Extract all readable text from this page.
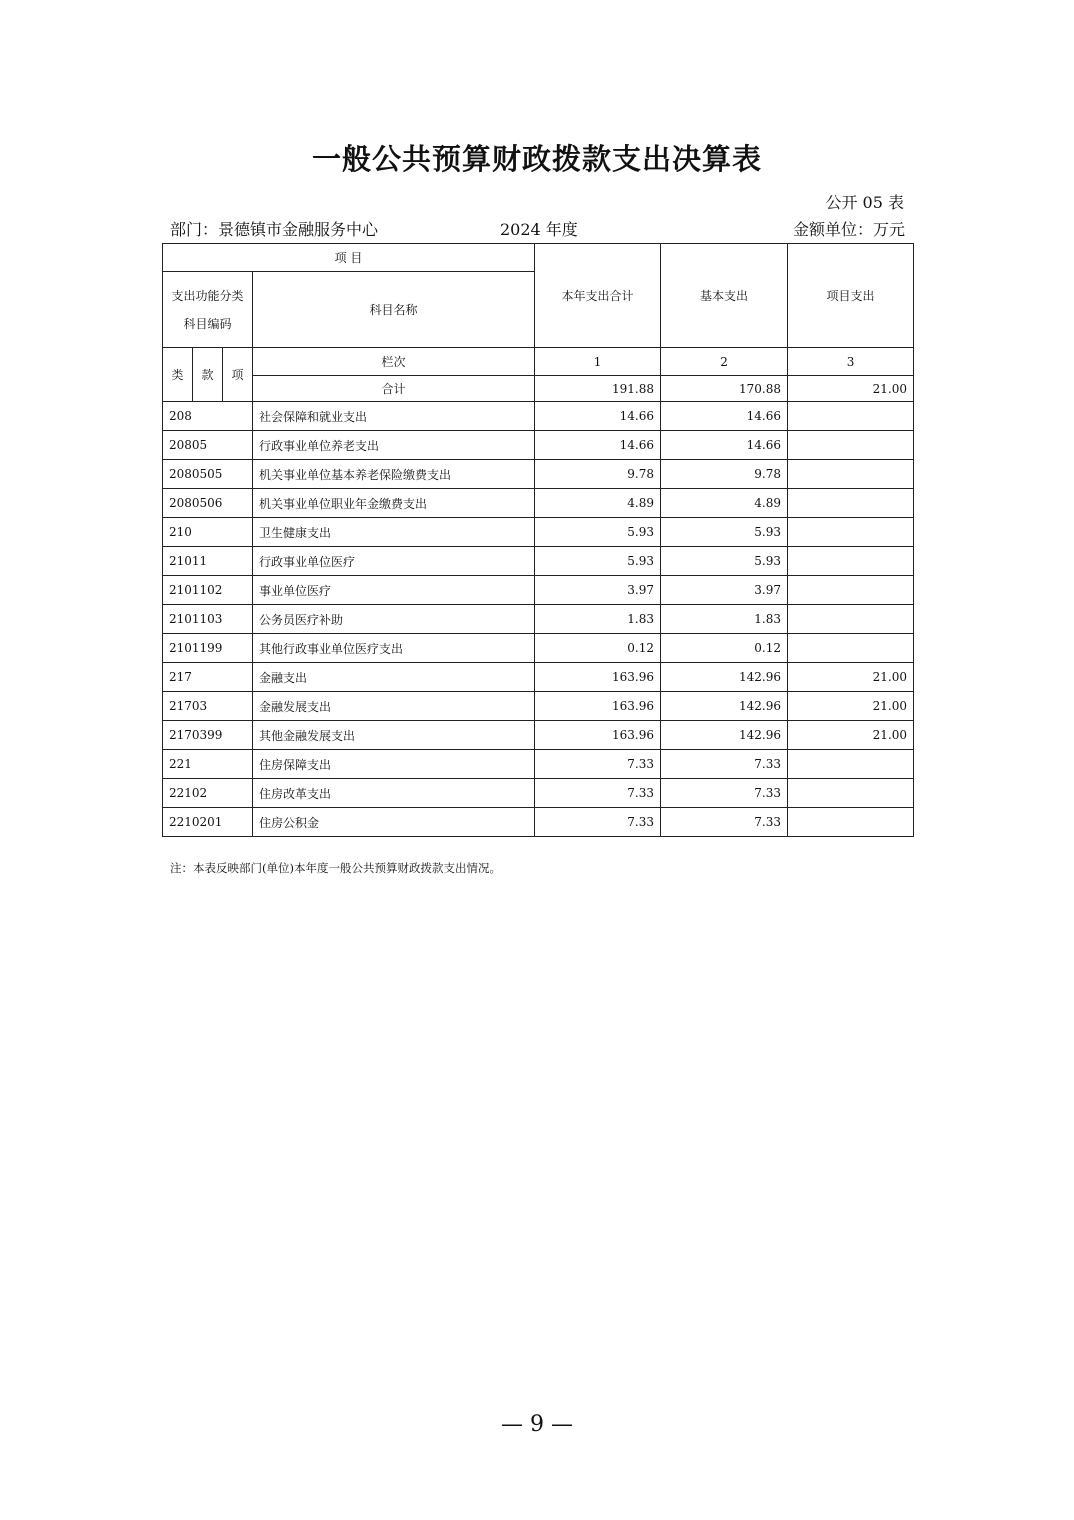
一般公共预算财政拨款支出决算表
公开 05 表
部门：景德镇市金融服务中心	2024 年度	金额单位：万元
项 目				本年支出合计	基本支出	项目支出
支出功能分类
科目编码			科目名称			
类	款	项	栏次	1	2	3
			合计	191.88	170.88	21.00
208			社会保障和就业支出	14.66	14.66	
20805			行政事业单位养老支出	14.66	14.66	
2080505			机关事业单位基本养老保险缴费支出	9.78	9.78	
2080506			机关事业单位职业年金缴费支出	4.89	4.89	
210			卫生健康支出	5.93	5.93	
21011			行政事业单位医疗	5.93	5.93	
2101102			事业单位医疗	3.97	3.97	
2101103			公务员医疗补助	1.83	1.83	
2101199			其他行政事业单位医疗支出	0.12	0.12	
217			金融支出	163.96	142.96	21.00
21703			金融发展支出	163.96	142.96	21.00
2170399			其他金融发展支出	163.96	142.96	21.00
221			住房保障支出	7.33	7.33	
22102			住房改革支出	7.33	7.33	
2210201			住房公积金	7.33	7.33	
注：本表反映部门(单位)本年度一般公共预算财政拨款支出情况。
— 9 —
